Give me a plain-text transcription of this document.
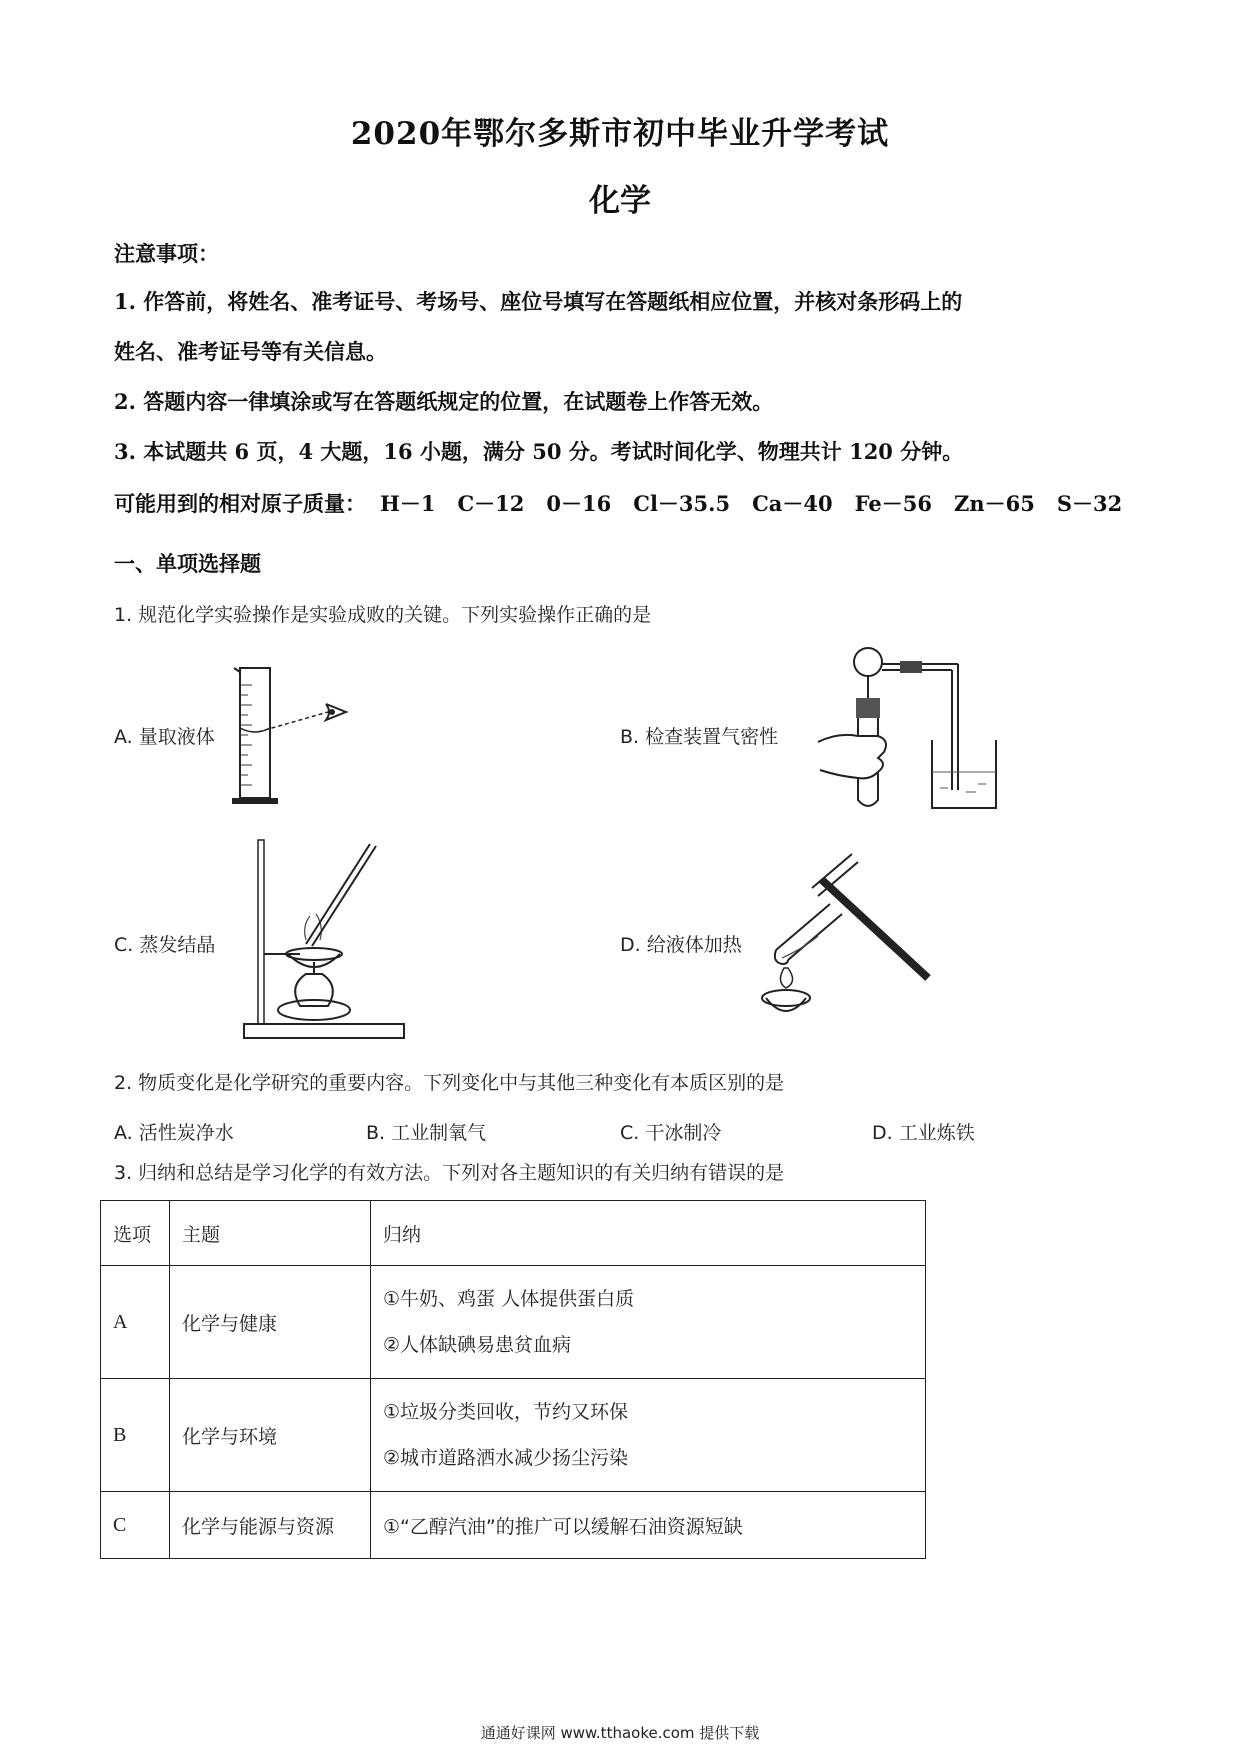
2020年鄂尔多斯市初中毕业升学考试
化学
注意事项：
1. 作答前，将姓名、准考证号、考场号、座位号填写在答题纸相应位置，并核对条形码上的
姓名、准考证号等有关信息。
2. 答题内容一律填涂或写在答题纸规定的位置，在试题卷上作答无效。
3. 本试题共 6 页，4 大题，16 小题，满分 50 分。考试时间化学、物理共计 120 分钟。
可能用到的相对原子质量： H－1 C－12 0－16 Cl－35.5 Ca－40 Fe－56 Zn－65 S－32
一、单项选择题
1. 规范化学实验操作是实验成败的关键。下列实验操作正确的是
A. 量取液体	B. 检查装置气密性
C. 蒸发结晶	D. 给液体加热
2. 物质变化是化学研究的重要内容。下列变化中与其他三种变化有本质区别的是
A. 活性炭净水	B. 工业制氧气	C. 干冰制冷	D. 工业炼铁
3. 归纳和总结是学习化学的有效方法。下列对各主题知识的有关归纳有错误的是
选项	主题	归纳
A	化学与健康	①牛奶、鸡蛋 人体提供蛋白质
②人体缺碘易患贫血病

B	化学与环境	①垃圾分类回收，节约又环保
②城市道路洒水减少扬尘污染

C	化学与能源与资源	①“乙醇汽油”的推广可以缓解石油资源短缺
通通好课网 www.tthaoke.com 提供下载
